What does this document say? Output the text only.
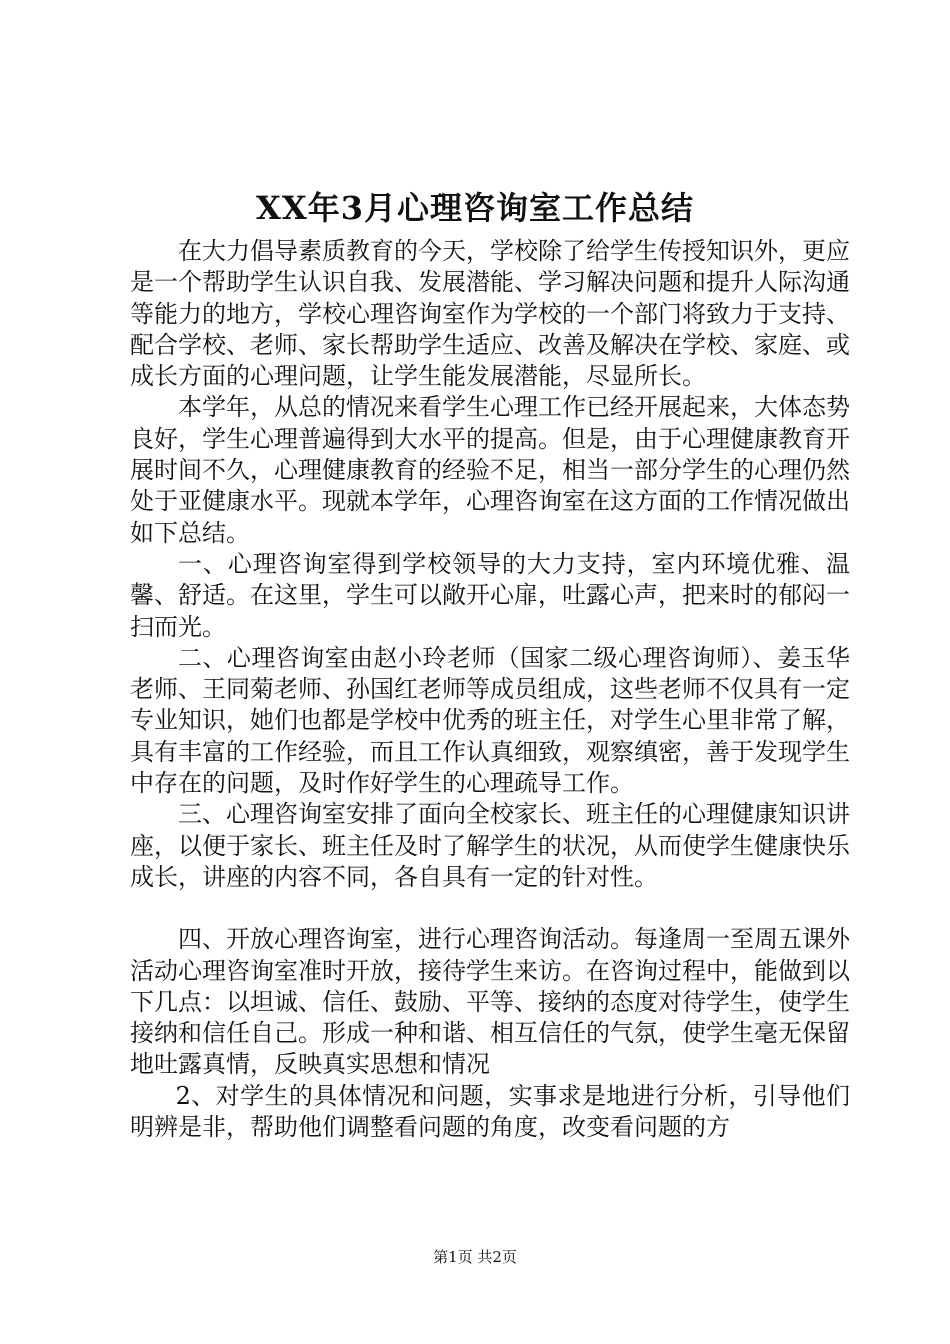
XX年3月心理咨询室工作总结

在大力倡导素质教育的今天，学校除了给学生传授知识外，更应是一个帮助学生认识自我、发展潜能、学习解决问题和提升人际沟通等能力的地方，学校心理咨询室作为学校的一个部门将致力于支持、配合学校、老师、家长帮助学生适应、改善及解决在学校、家庭、或成长方面的心理问题，让学生能发展潜能，尽显所长。

本学年，从总的情况来看学生心理工作已经开展起来，大体态势良好，学生心理普遍得到大水平的提高。但是，由于心理健康教育开展时间不久，心理健康教育的经验不足，相当一部分学生的心理仍然处于亚健康水平。现就本学年，心理咨询室在这方面的工作情况做出如下总结。

一、心理咨询室得到学校领导的大力支持，室内环境优雅、温馨、舒适。在这里，学生可以敞开心扉，吐露心声，把来时的郁闷一扫而光。

二、心理咨询室由赵小玲老师（国家二级心理咨询师）、姜玉华老师、王同菊老师、孙国红老师等成员组成，这些老师不仅具有一定专业知识，她们也都是学校中优秀的班主任，对学生心里非常了解，具有丰富的工作经验，而且工作认真细致，观察缜密，善于发现学生中存在的问题，及时作好学生的心理疏导工作。

三、心理咨询室安排了面向全校家长、班主任的心理健康知识讲座，以便于家长、班主任及时了解学生的状况，从而使学生健康快乐成长，讲座的内容不同，各自具有一定的针对性。

四、开放心理咨询室，进行心理咨询活动。每逢周一至周五课外活动心理咨询室准时开放，接待学生来访。在咨询过程中，能做到以下几点：以坦诚、信任、鼓励、平等、接纳的态度对待学生，使学生接纳和信任自己。形成一种和谐、相互信任的气氛，使学生毫无保留地吐露真情，反映真实思想和情况

2、对学生的具体情况和问题，实事求是地进行分析，引导他们明辨是非，帮助他们调整看问题的角度，改变看问题的方

第1页 共2页
